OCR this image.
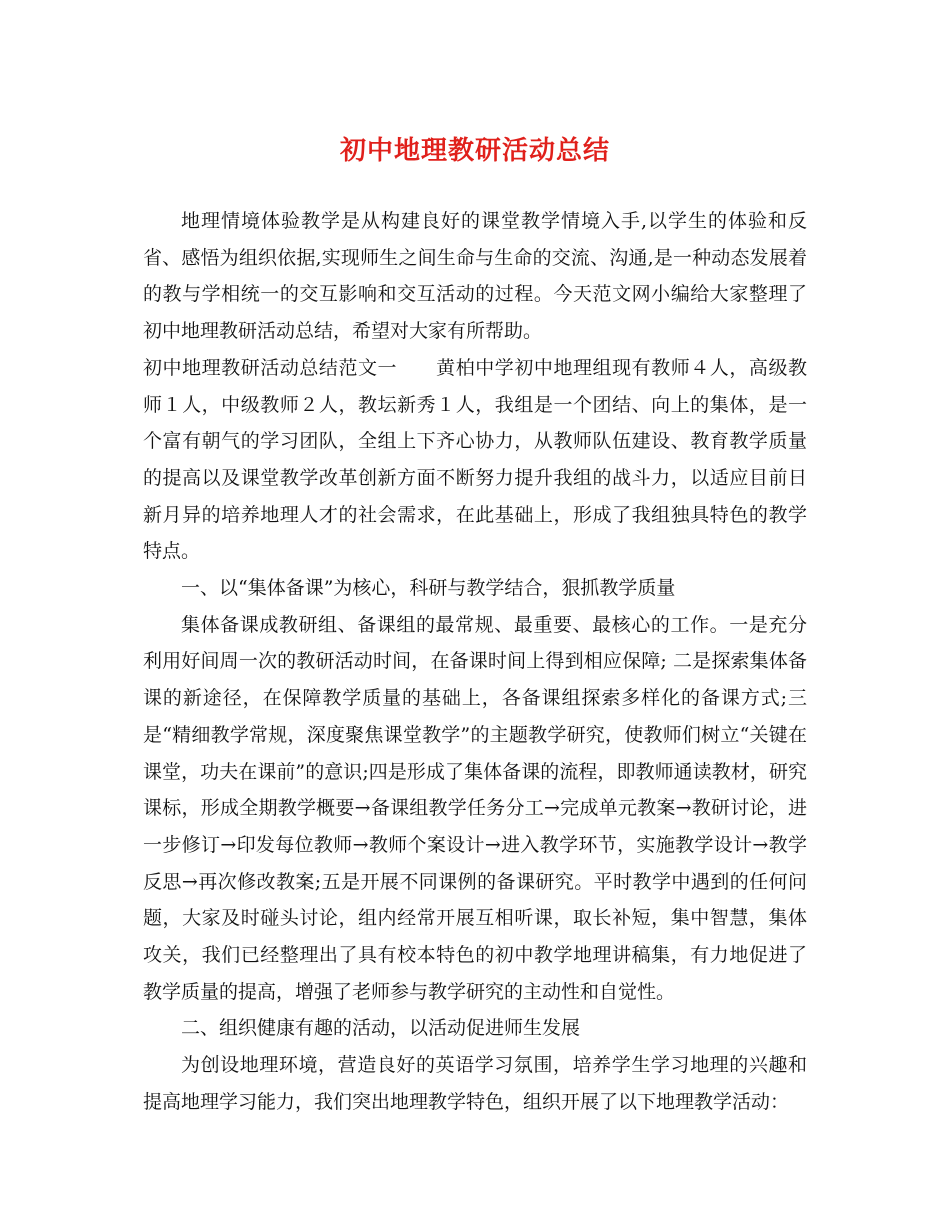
初中地理教研活动总结

地理情境体验教学是从构建良好的课堂教学情境入手,以学生的体验和反省、感悟为组织依据,实现师生之间生命与生命的交流、沟通,是一种动态发展着的教与学相统一的交互影响和交互活动的过程。今天范文网小编给大家整理了初中地理教研活动总结，希望对大家有所帮助。

初中地理教研活动总结范文一　　黄柏中学初中地理组现有教师４人，高级教师１人，中级教师２人，教坛新秀１人，我组是一个团结、向上的集体，是一个富有朝气的学习团队，全组上下齐心协力，从教师队伍建设、教育教学质量的提高以及课堂教学改革创新方面不断努力提升我组的战斗力，以适应目前日新月异的培养地理人才的社会需求，在此基础上，形成了我组独具特色的教学特点。

一、以“集体备课”为核心，科研与教学结合，狠抓教学质量

集体备课成教研组、备课组的最常规、最重要、最核心的工作。一是充分利用好间周一次的教研活动时间，在备课时间上得到相应保障; 二是探索集体备课的新途径，在保障教学质量的基础上，各备课组探索多样化的备课方式;三是“精细教学常规，深度聚焦课堂教学”的主题教学研究，使教师们树立“关键在课堂，功夫在课前”的意识;四是形成了集体备课的流程，即教师通读教材，研究课标，形成全期教学概要→备课组教学任务分工→完成单元教案→教研讨论，进一步修订→印发每位教师→教师个案设计→进入教学环节，实施教学设计→教学反思→再次修改教案;五是开展不同课例的备课研究。平时教学中遇到的任何问题，大家及时碰头讨论，组内经常开展互相听课，取长补短，集中智慧，集体攻关，我们已经整理出了具有校本特色的初中教学地理讲稿集，有力地促进了教学质量的提高，增强了老师参与教学研究的主动性和自觉性。

二、组织健康有趣的活动，以活动促进师生发展

为创设地理环境，营造良好的英语学习氛围，培养学生学习地理的兴趣和提高地理学习能力，我们突出地理教学特色，组织开展了以下地理教学活动：
